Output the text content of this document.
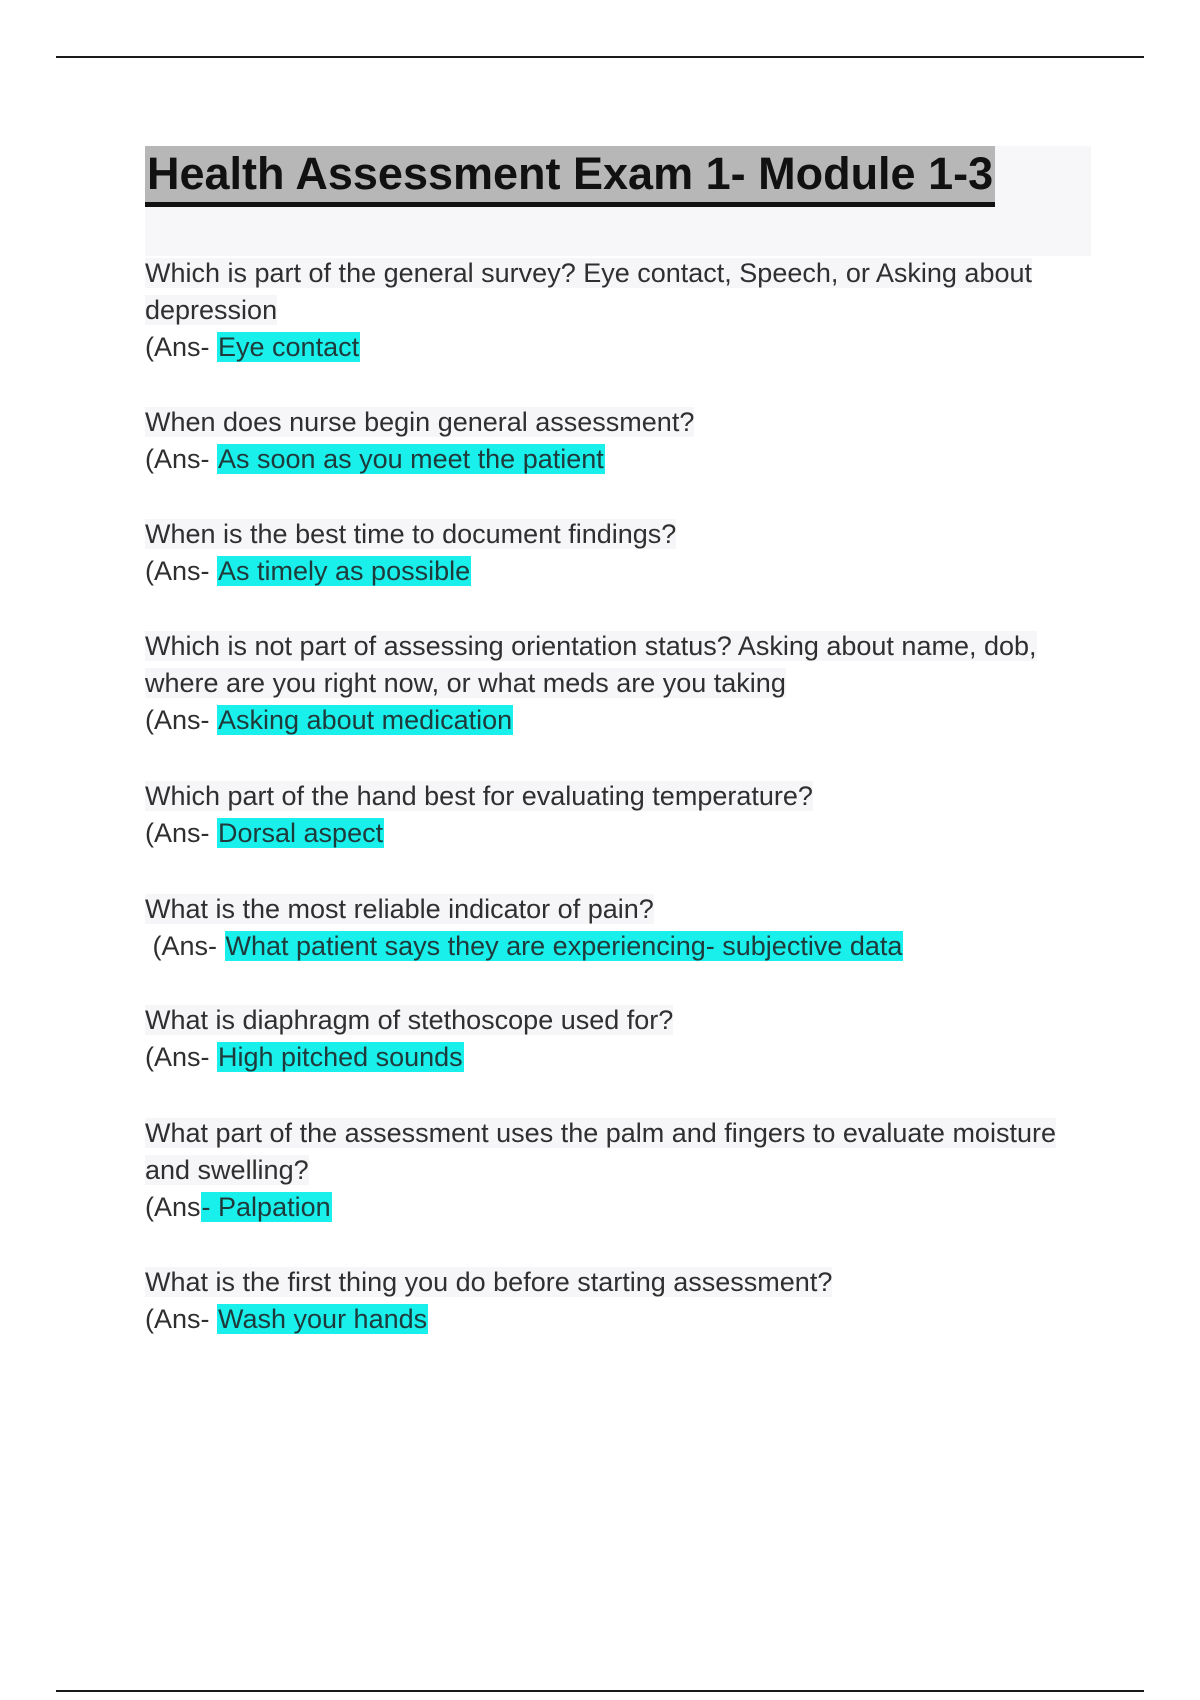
Health Assessment Exam 1- Module 1-3
Which is part of the general survey? Eye contact, Speech, or Asking about depression
(Ans- Eye contact
When does nurse begin general assessment?
(Ans- As soon as you meet the patient
When is the best time to document findings?
(Ans- As timely as possible
Which is not part of assessing orientation status? Asking about name, dob, where are you right now, or what meds are you taking
(Ans- Asking about medication
Which part of the hand best for evaluating temperature?
(Ans- Dorsal aspect
What is the most reliable indicator of pain?
(Ans- What patient says they are experiencing- subjective data
What is diaphragm of stethoscope used for?
(Ans- High pitched sounds
What part of the assessment uses the palm and fingers to evaluate moisture and swelling?
(Ans- Palpation
What is the first thing you do before starting assessment?
(Ans- Wash your hands
